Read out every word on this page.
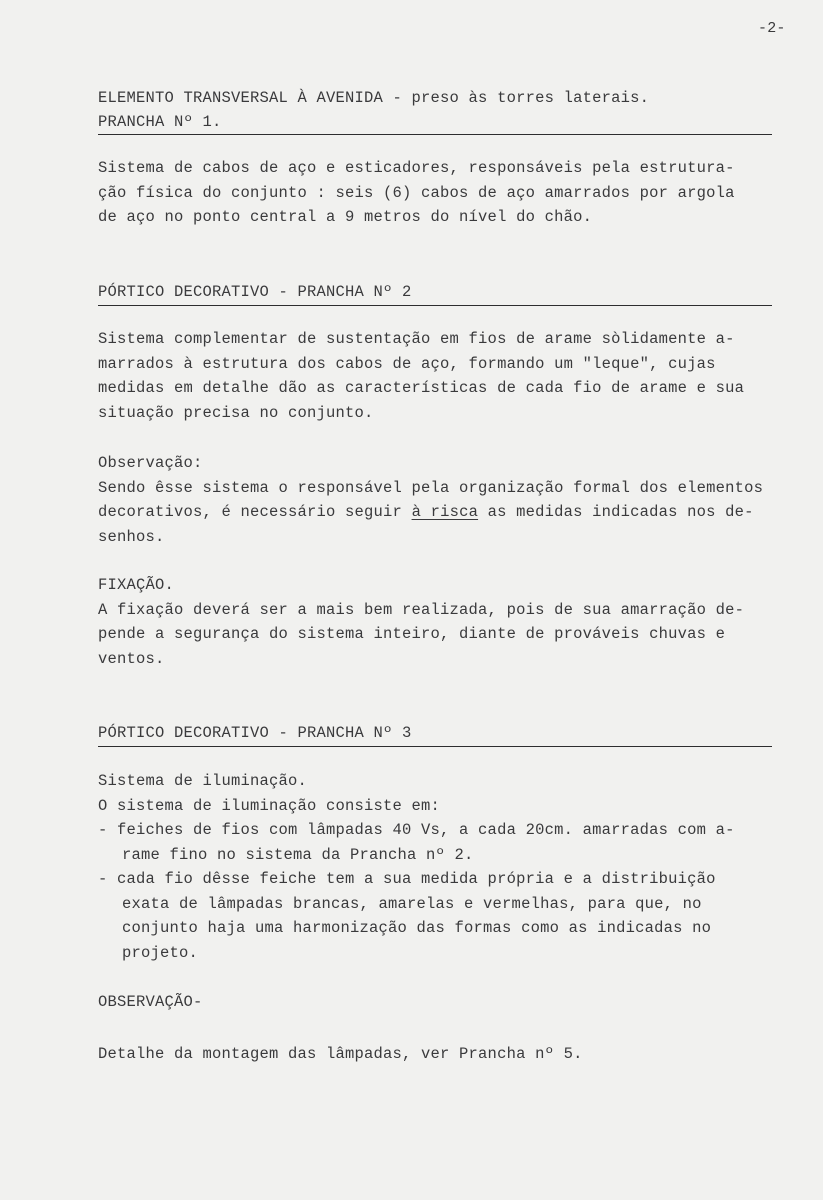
-2-
ELEMENTO TRANSVERSAL À AVENIDA - preso às torres laterais.
PRANCHA Nº 1.
Sistema de cabos de aço e esticadores, responsáveis pela estrutura-
ção física do conjunto : seis (6) cabos de aço amarrados por argola
de aço no ponto central a 9 metros do nível do chão.
PÓRTICO DECORATIVO - PRANCHA Nº 2
Sistema complementar de sustentação em fios de arame sòlidamente a-
marrados à estrutura dos cabos de aço, formando um "leque", cujas
medidas em detalhe dão as características de cada fio de arame e sua
situação precisa no conjunto.
Observação:
Sendo êsse sistema o responsável pela organização formal dos elementos
decorativos, é necessário seguir à risca as medidas indicadas nos de-
senhos.
FIXAÇÃO.
A fixação deverá ser a mais bem realizada, pois de sua amarração de-
pende a segurança do sistema inteiro, diante de prováveis chuvas e
ventos.
PÓRTICO DECORATIVO - PRANCHA Nº 3
Sistema de iluminação.
O sistema de iluminação consiste em:
- feiches de fios com lâmpadas 40 Vs, a cada 20cm. amarradas com a-
rame fino no sistema da Prancha nº 2.
- cada fio dêsse feiche tem a sua medida própria e a distribuição
exata de lâmpadas brancas, amarelas e vermelhas, para que, no
conjunto haja uma harmonização das formas como as indicadas no
projeto.
OBSERVAÇÃO-
Detalhe da montagem das lâmpadas, ver Prancha nº 5.
